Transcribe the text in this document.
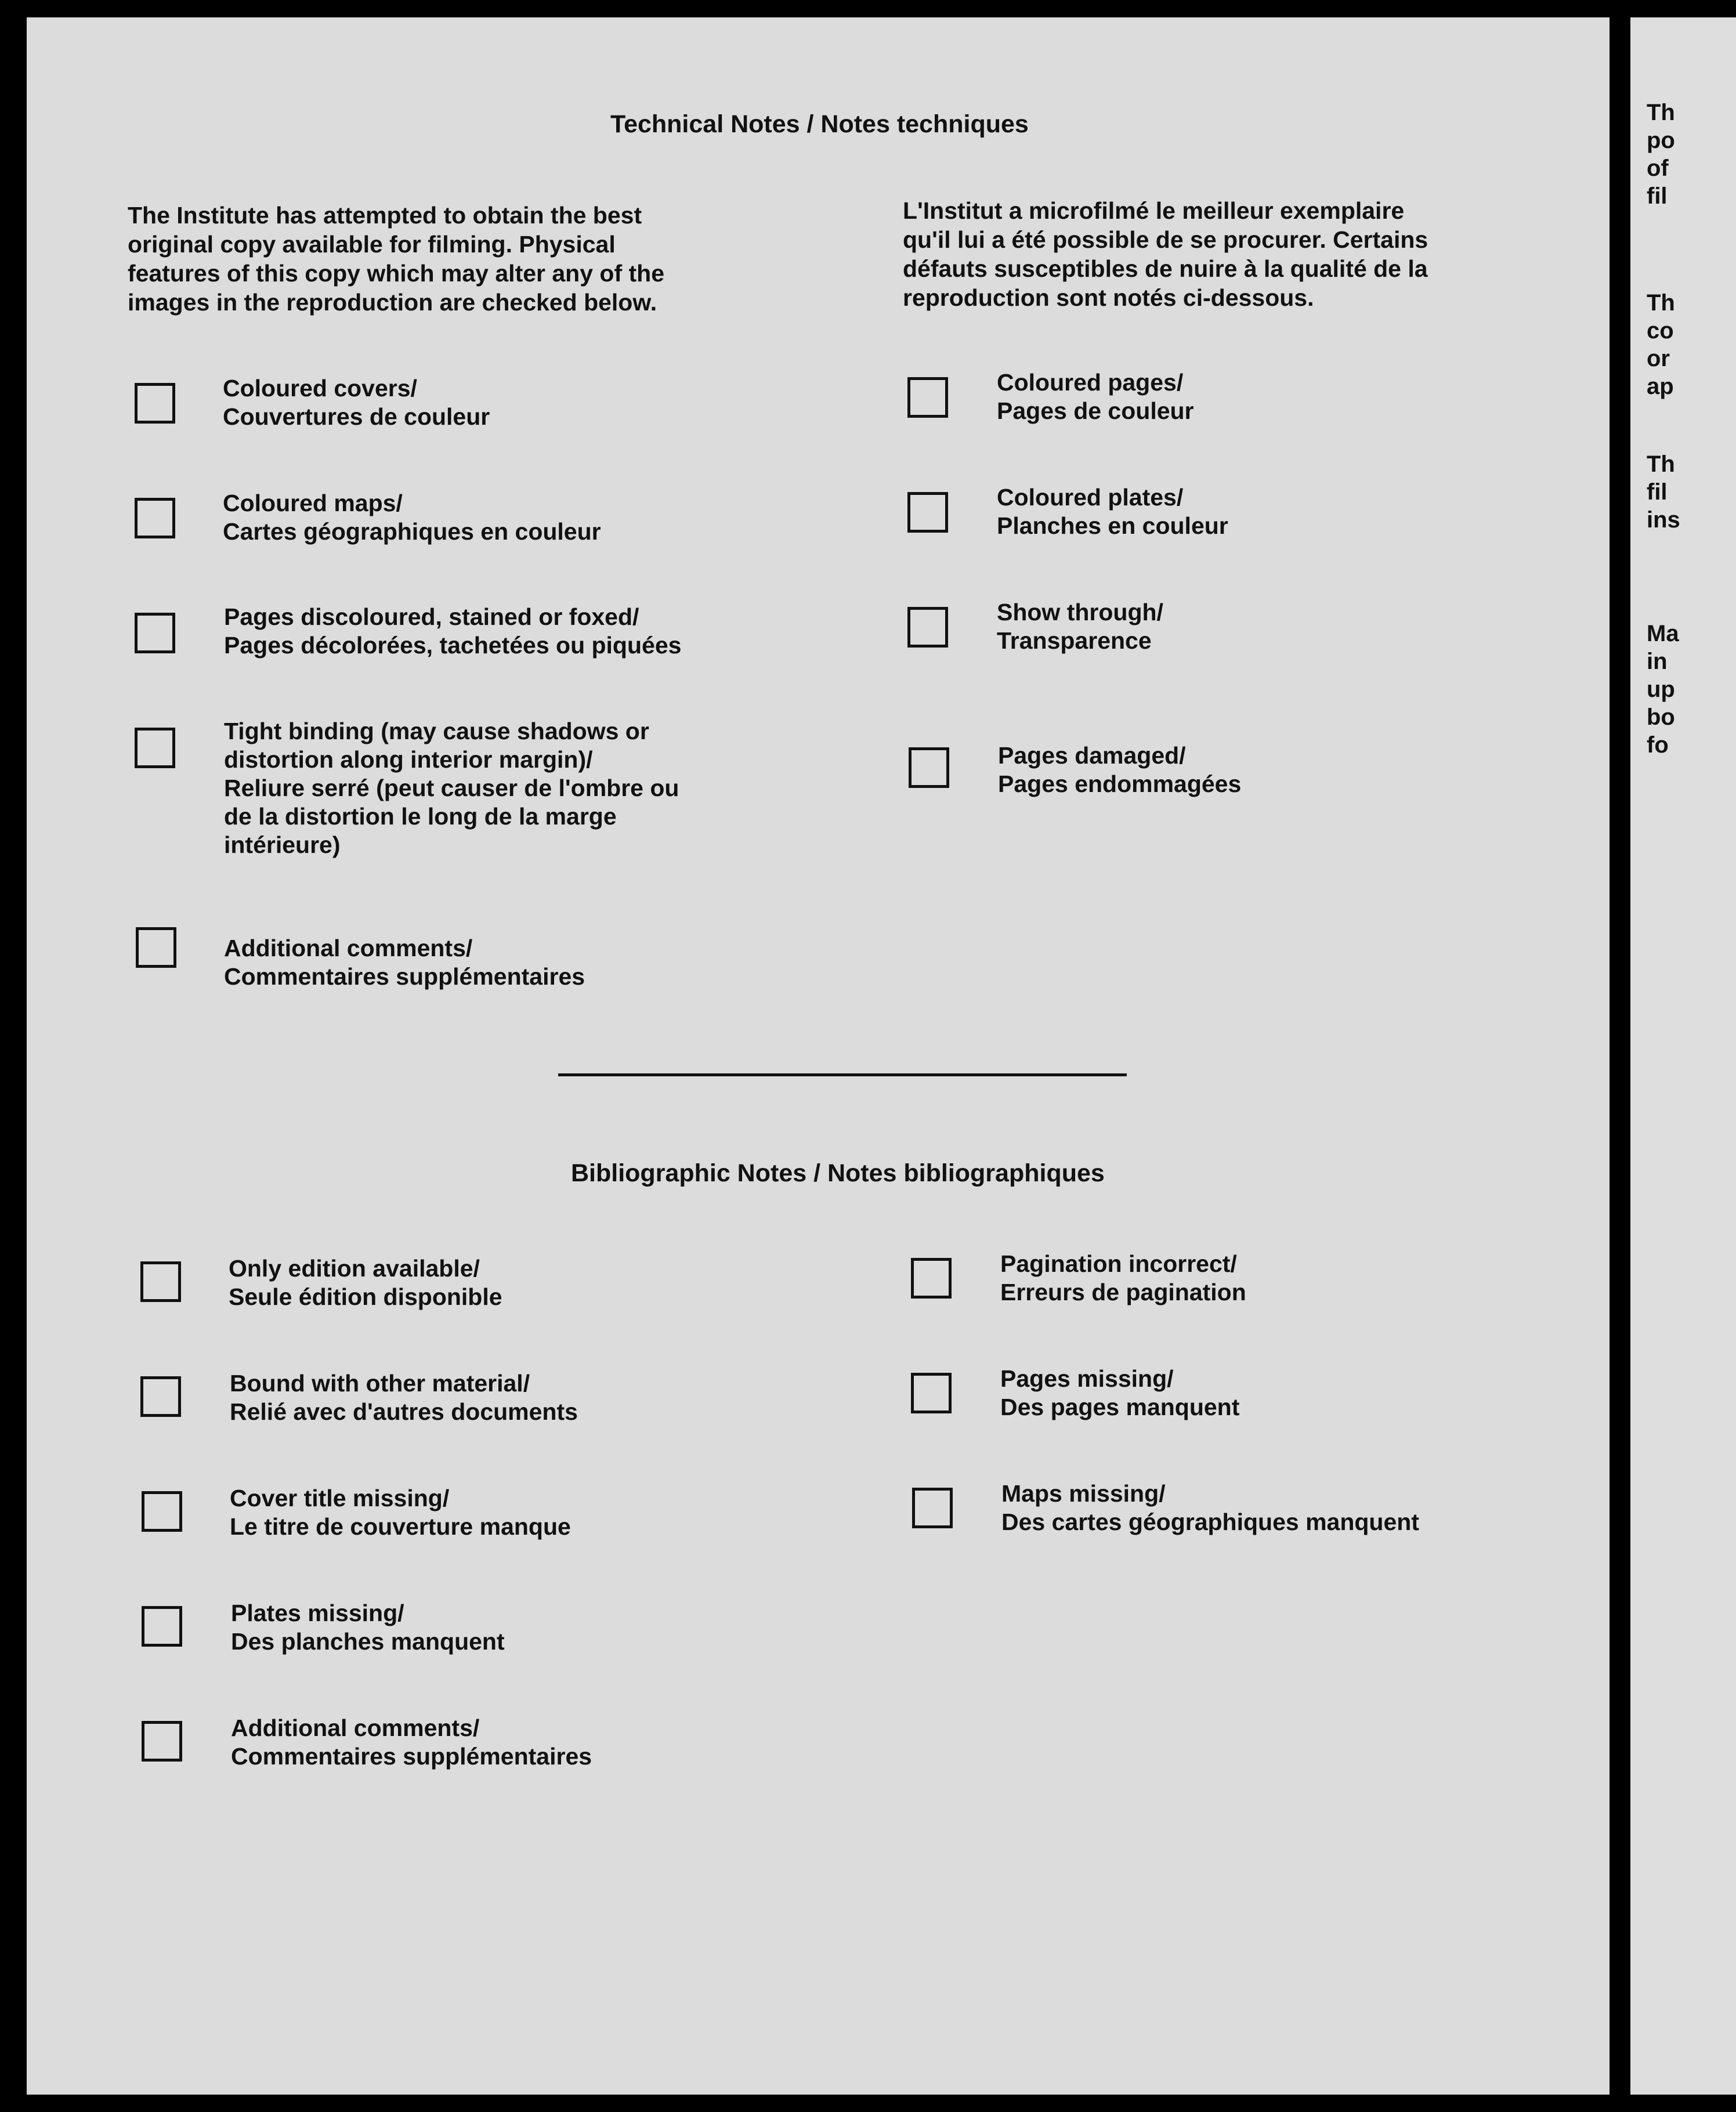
Technical Notes / Notes techniques
The Institute has attempted to obtain the best
original copy available for filming. Physical
features of this copy which may alter any of the
images in the reproduction are checked below.
L'Institut a microfilmé le meilleur exemplaire
qu'il lui a été possible de se procurer. Certains
défauts susceptibles de nuire à la qualité de la
reproduction sont notés ci-dessous.
Coloured covers/
Couvertures de couleur
Coloured maps/
Cartes géographiques en couleur
Pages discoloured, stained or foxed/
Pages décolorées, tachetées ou piquées
Tight binding (may cause shadows or
distortion along interior margin)/
Reliure serré (peut causer de l'ombre ou
de la distortion le long de la marge
intérieure)
Additional comments/
Commentaires supplémentaires
Coloured pages/
Pages de couleur
Coloured plates/
Planches en couleur
Show through/
Transparence
Pages damaged/
Pages endommagées
Bibliographic Notes / Notes bibliographiques
Only edition available/
Seule édition disponible
Bound with other material/
Relié avec d'autres documents
Cover title missing/
Le titre de couverture manque
Plates missing/
Des planches manquent
Additional comments/
Commentaires supplémentaires
Pagination incorrect/
Erreurs de pagination
Pages missing/
Des pages manquent
Maps missing/
Des cartes géographiques manquent
Th
po
of
fil
Th
co
or
ap
Th
fil
ins
Ma
in
up
bo
fo
